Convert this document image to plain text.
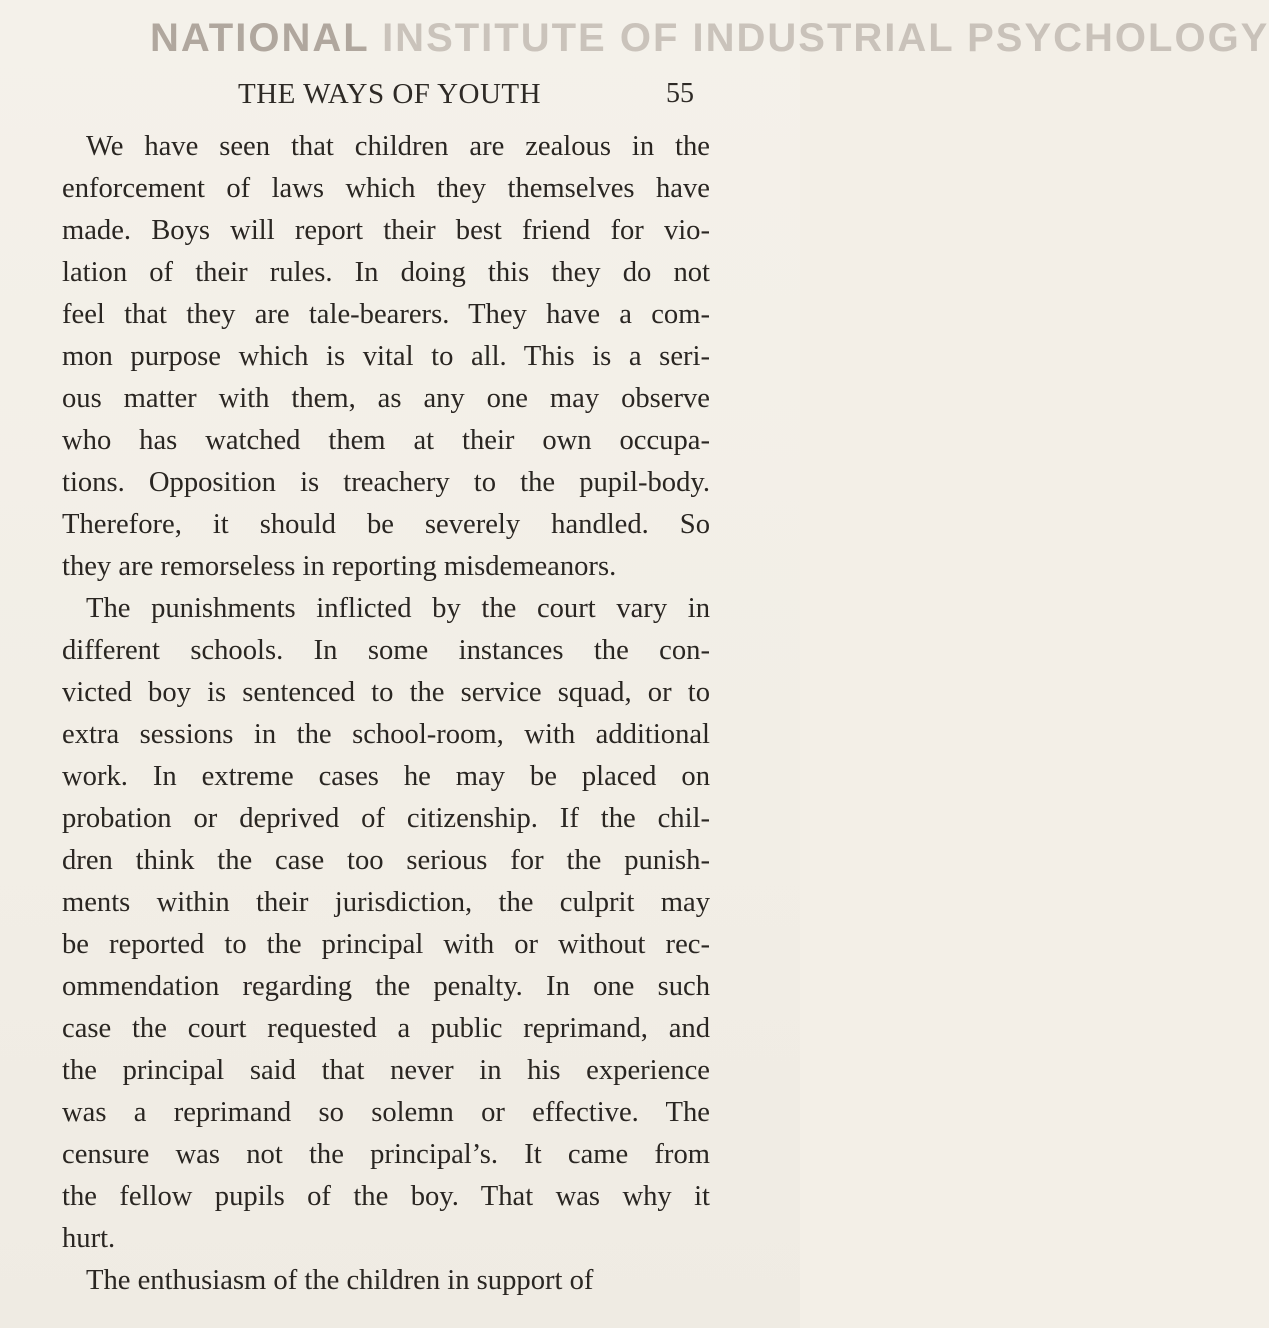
NATIONAL INSTITUTE OF INDUSTRIAL PSYCHOLOGY
THE WAYS OF YOUTH	55
We have seen that children are zealous in the
enforcement of laws which they themselves have
made. Boys will report their best friend for vio-
lation of their rules. In doing this they do not
feel that they are tale-bearers. They have a com-
mon purpose which is vital to all. This is a seri-
ous matter with them, as any one may observe
who has watched them at their own occupa-
tions. Opposition is treachery to the pupil-body.
Therefore, it should be severely handled. So
they are remorseless in reporting misdemeanors.
The punishments inflicted by the court vary in
different schools. In some instances the con-
victed boy is sentenced to the service squad, or to
extra sessions in the school-room, with additional
work. In extreme cases he may be placed on
probation or deprived of citizenship. If the chil-
dren think the case too serious for the punish-
ments within their jurisdiction, the culprit may
be reported to the principal with or without rec-
ommendation regarding the penalty. In one such
case the court requested a public reprimand, and
the principal said that never in his experience
was a reprimand so solemn or effective. The
censure was not the principal’s. It came from
the fellow pupils of the boy. That was why it
hurt.
The enthusiasm of the children in support of
